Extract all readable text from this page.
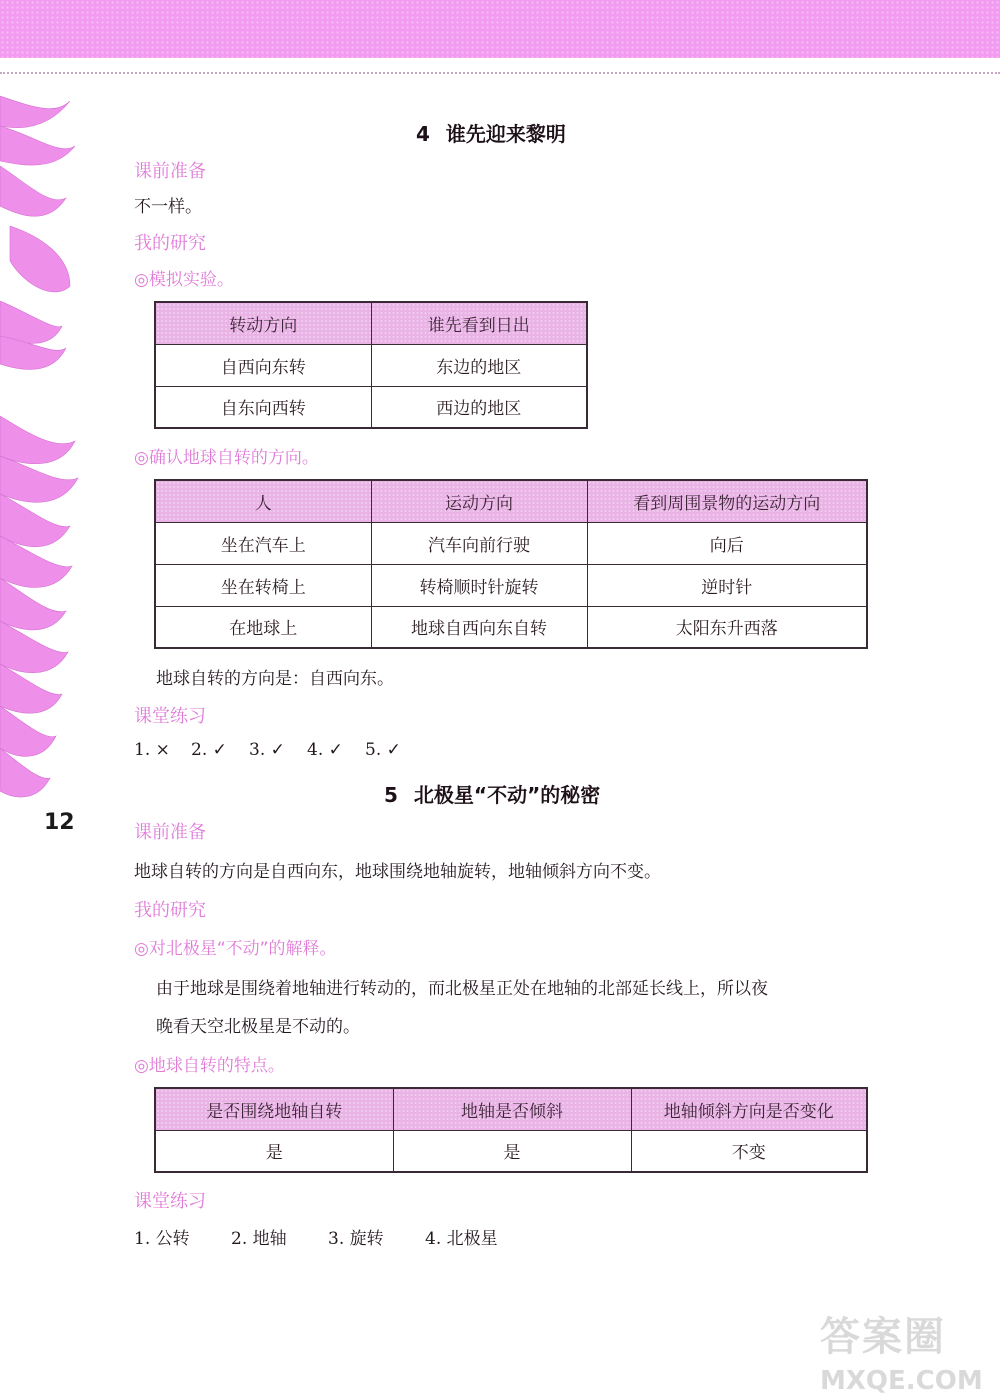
12
4 谁先迎来黎明
课前准备
不一样。
我的研究
◎模拟实验。
转动方向	谁先看到日出
自西向东转	东边的地区
自东向西转	西边的地区
◎确认地球自转的方向。
人	运动方向	看到周围景物的运动方向
坐在汽车上	汽车向前行驶	向后
坐在转椅上	转椅顺时针旋转	逆时针
在地球上	地球自西向东自转	太阳东升西落
地球自转的方向是：自西向东。
课堂练习
1. × 2. ✓ 3. ✓ 4. ✓ 5. ✓
5 北极星“不动”的秘密
课前准备
地球自转的方向是自西向东，地球围绕地轴旋转，地轴倾斜方向不变。
我的研究
◎对北极星“不动”的解释。
由于地球是围绕着地轴进行转动的，而北极星正处在地轴的北部延长线上，所以夜
晚看天空北极星是不动的。
◎地球自转的特点。
是否围绕地轴自转	地轴是否倾斜	地轴倾斜方向是否变化
是	是	不变
课堂练习
1. 公转 2. 地轴 3. 旋转 4. 北极星
答案圈
MXQE.COM
